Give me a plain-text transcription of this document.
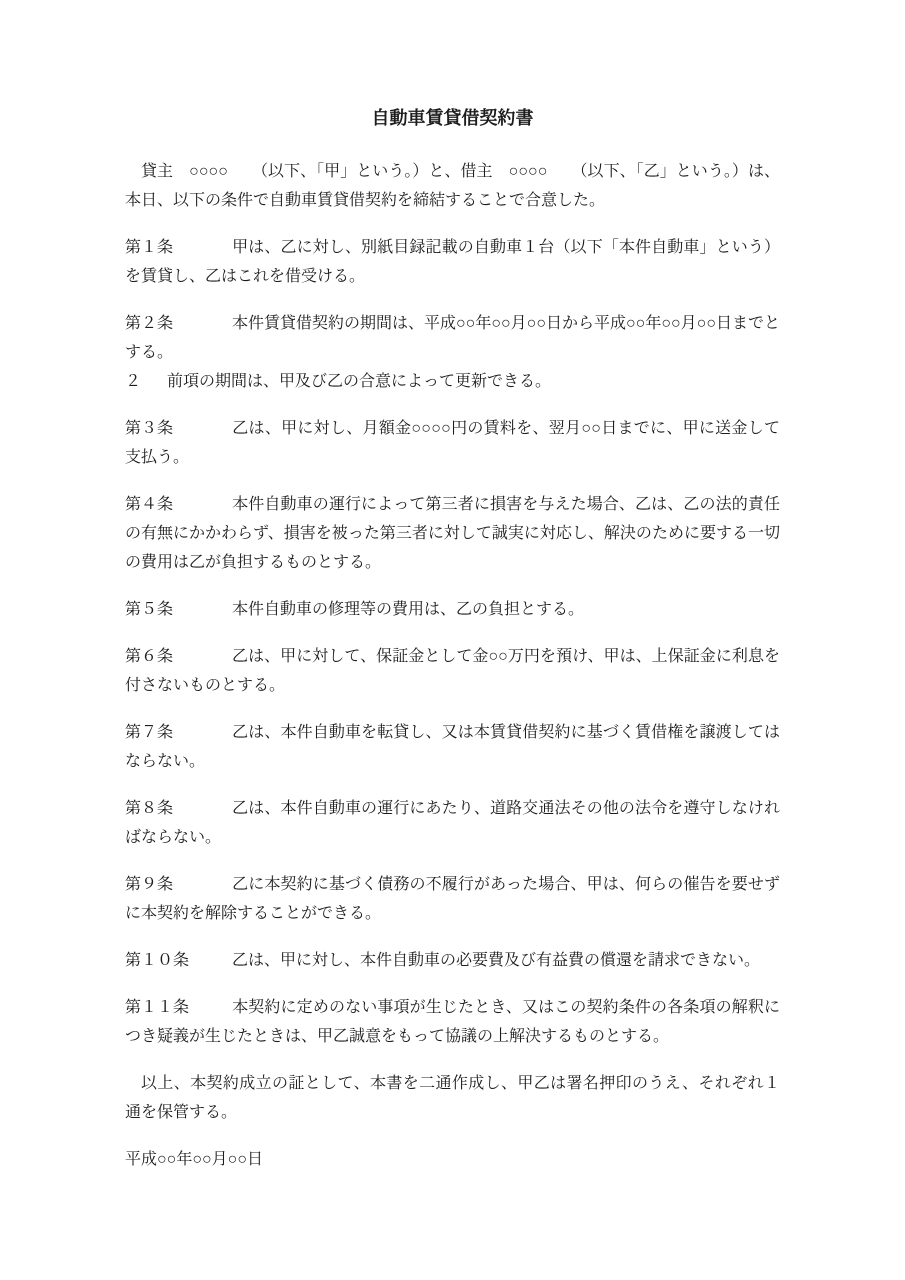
自動車賃貸借契約書

貸主　○○○○　　（以下、「甲」という。）と、借主　○○○○　　（以下、「乙」という。）は、本日、以下の条件で自動車賃貸借契約を締結することで合意した。

第１条	甲は、乙に対し、別紙目録記載の自動車１台（以下「本件自動車」という）を賃貸し、乙はこれを借受ける。

第２条	本件賃貸借契約の期間は、平成○○年○○月○○日から平成○○年○○月○○日までとする。

２ 前項の期間は、甲及び乙の合意によって更新できる。

第３条	乙は、甲に対し、月額金○○○○円の賃料を、翌月○○日までに、甲に送金して支払う。

第４条	本件自動車の運行によって第三者に損害を与えた場合、乙は、乙の法的責任の有無にかかわらず、損害を被った第三者に対して誠実に対応し、解決のために要する一切の費用は乙が負担するものとする。

第５条	本件自動車の修理等の費用は、乙の負担とする。

第６条	乙は、甲に対して、保証金として金○○万円を預け、甲は、上保証金に利息を付さないものとする。

第７条	乙は、本件自動車を転貸し、又は本賃貸借契約に基づく賃借権を譲渡してはならない。

第８条	乙は、本件自動車の運行にあたり、道路交通法その他の法令を遵守しなければならない。

第９条	乙に本契約に基づく債務の不履行があった場合、甲は、何らの催告を要せずに本契約を解除することができる。

第１０条	乙は、甲に対し、本件自動車の必要費及び有益費の償還を請求できない。

第１１条	本契約に定めのない事項が生じたとき、又はこの契約条件の各条項の解釈につき疑義が生じたときは、甲乙誠意をもって協議の上解決するものとする。

以上、本契約成立の証として、本書を二通作成し、甲乙は署名押印のうえ、それぞれ１通を保管する。

平成○○年○○月○○日
